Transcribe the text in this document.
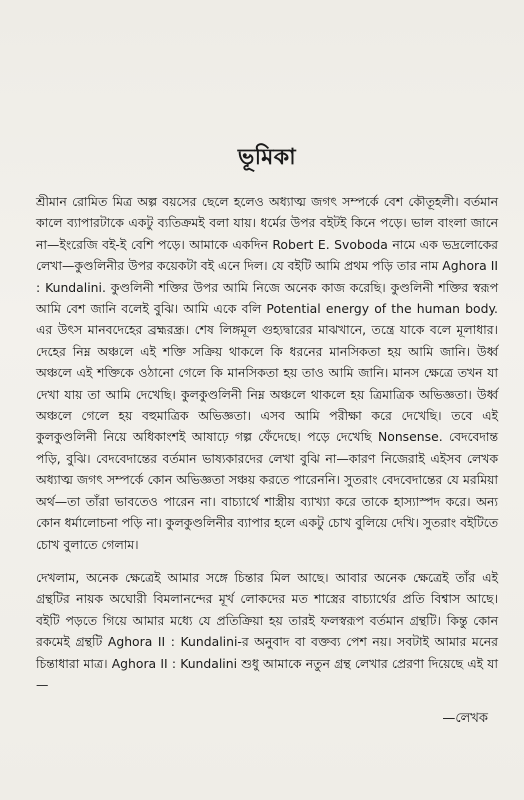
ভূমিকা

শ্রীমান রোমিত মিত্র অল্প বয়সের ছেলে হলেও অধ্যাত্ম জগৎ সম্পর্কে বেশ কৌতূহলী। বর্তমান কালে ব্যাপারটাকে একটু ব্যতিক্রমই বলা যায়। ধর্মের উপর বইটই কিনে পড়ে। ভাল বাংলা জানে না—ইংরেজি বই-ই বেশি পড়ে। আমাকে একদিন Robert E. Svoboda নামে এক ভদ্রলোকের লেখা—কুণ্ডলিনীর উপর কয়েকটা বই এনে দিল। যে বইটি আমি প্রথম পড়ি তার নাম Aghora II : Kundalini. কুণ্ডলিনী শক্তির উপর আমি নিজে অনেক কাজ করেছি। কুণ্ডলিনী শক্তির স্বরূপ আমি বেশ জানি বলেই বুঝি। আমি একে বলি Potential energy of the human body. এর উৎস মানবদেহের ব্রহ্মরন্ধ্র। শেষ লিঙ্গমূল গুহ্যদ্বারের মাঝখানে, তন্ত্রে যাকে বলে মূলাধার। দেহের নিম্ন অঞ্চলে এই শক্তি সক্রিয় থাকলে কি ধরনের মানসিকতা হয় আমি জানি। উর্ধ্ব অঞ্চলে এই শক্তিকে ওঠানো গেলে কি মানসিকতা হয় তাও আমি জানি। মানস ক্ষেত্রে তখন যা দেখা যায় তা আমি দেখেছি। কুলকুণ্ডলিনী নিম্ন অঞ্চলে থাকলে হয় ত্রিমাত্রিক অভিজ্ঞতা। উর্ধ্ব অঞ্চলে গেলে হয় বহুমাত্রিক অভিজ্ঞতা। এসব আমি পরীক্ষা করে দেখেছি। তবে এই কুলকুণ্ডলিনী নিয়ে অধিকাংশই আষাঢ়ে গল্প ফেঁদেছে। পড়ে দেখেছি Nonsense. বেদবেদান্ত পড়ি, বুঝি। বেদবেদান্তের বর্তমান ভাষ্যকারদের লেখা বুঝি না—কারণ নিজেরাই এইসব লেখক অধ্যাত্ম জগৎ সম্পর্কে কোন অভিজ্ঞতা সঞ্চয় করতে পারেননি। সুতরাং বেদবেদান্তের যে মরমিয়া অর্থ—তা তাঁরা ভাবতেও পারেন না। বাচ্যার্থে শাস্ত্রীয় ব্যাখ্যা করে তাকে হাস্যাস্পদ করে। অন্য কোন ধর্মালোচনা পড়ি না। কুলকুণ্ডলিনীর ব্যাপার হলে একটু চোখ বুলিয়ে দেখি। সুতরাং বইটিতে চোখ বুলাতে গেলাম।

দেখলাম, অনেক ক্ষেত্রেই আমার সঙ্গে চিন্তার মিল আছে। আবার অনেক ক্ষেত্রেই তাঁর এই গ্রন্থটির নায়ক অঘোরী বিমলানন্দের মূর্খ লোকদের মত শাস্ত্রের বাচ্যার্থের প্রতি বিশ্বাস আছে। বইটি পড়তে গিয়ে আমার মধ্যে যে প্রতিক্রিয়া হয় তারই ফলস্বরূপ বর্তমান গ্রন্থটি। কিন্তু কোন রকমেই গ্রন্থটি Aghora II : Kundalini-র অনুবাদ বা বক্তব্য পেশ নয়। সবটাই আমার মনের চিন্তাধারা মাত্র। Aghora II : Kundalini শুধু আমাকে নতুন গ্রন্থ লেখার প্রেরণা দিয়েছে এই যা—

—লেখক
